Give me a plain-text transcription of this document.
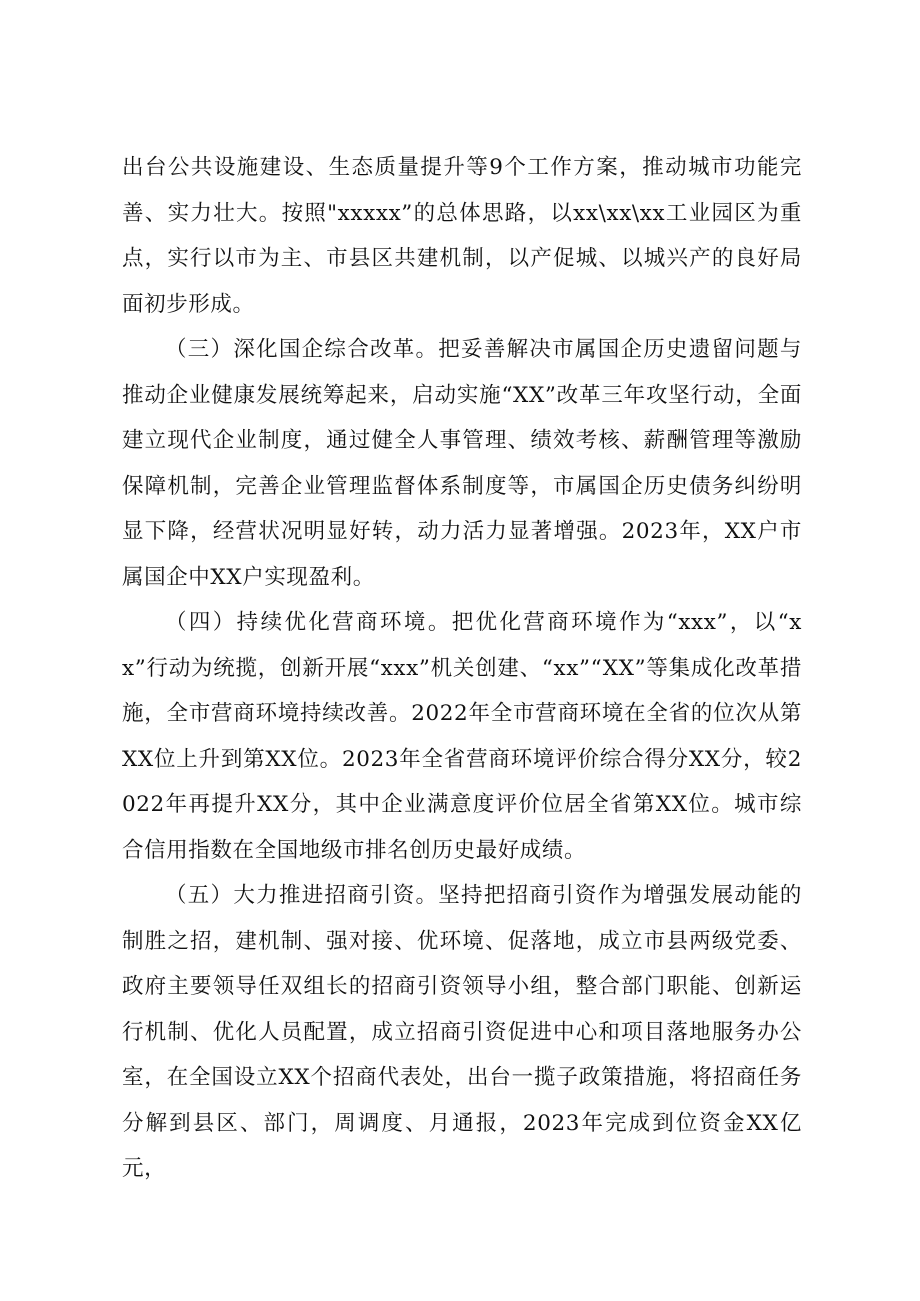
出台公共设施建设、生态质量提升等9个工作方案，推动城市功能完善、实力壮大。按照"xxxxx”的总体思路，以xx\xx\xx工业园区为重点，实行以市为主、市县区共建机制，以产促城、以城兴产的良好局面初步形成。

（三）深化国企综合改革。把妥善解决市属国企历史遗留问题与推动企业健康发展统筹起来，启动实施“XX”改革三年攻坚行动，全面建立现代企业制度，通过健全人事管理、绩效考核、薪酬管理等激励保障机制，完善企业管理监督体系制度等，市属国企历史债务纠纷明显下降，经营状况明显好转，动力活力显著增强。2023年，XX户市属国企中XX户实现盈利。

（四）持续优化营商环境。把优化营商环境作为“xxx”，以“xx”行动为统揽，创新开展“xxx”机关创建、“xx”“XX”等集成化改革措施，全市营商环境持续改善。2022年全市营商环境在全省的位次从第XX位上升到第XX位。2023年全省营商环境评价综合得分XX分，较2022年再提升XX分，其中企业满意度评价位居全省第XX位。城市综合信用指数在全国地级市排名创历史最好成绩。

（五）大力推进招商引资。坚持把招商引资作为增强发展动能的制胜之招，建机制、强对接、优环境、促落地，成立市县两级党委、政府主要领导任双组长的招商引资领导小组，整合部门职能、创新运行机制、优化人员配置，成立招商引资促进中心和项目落地服务办公室，在全国设立XX个招商代表处，出台一揽子政策措施，将招商任务分解到县区、部门，周调度、月通报，2023年完成到位资金XX亿元，
